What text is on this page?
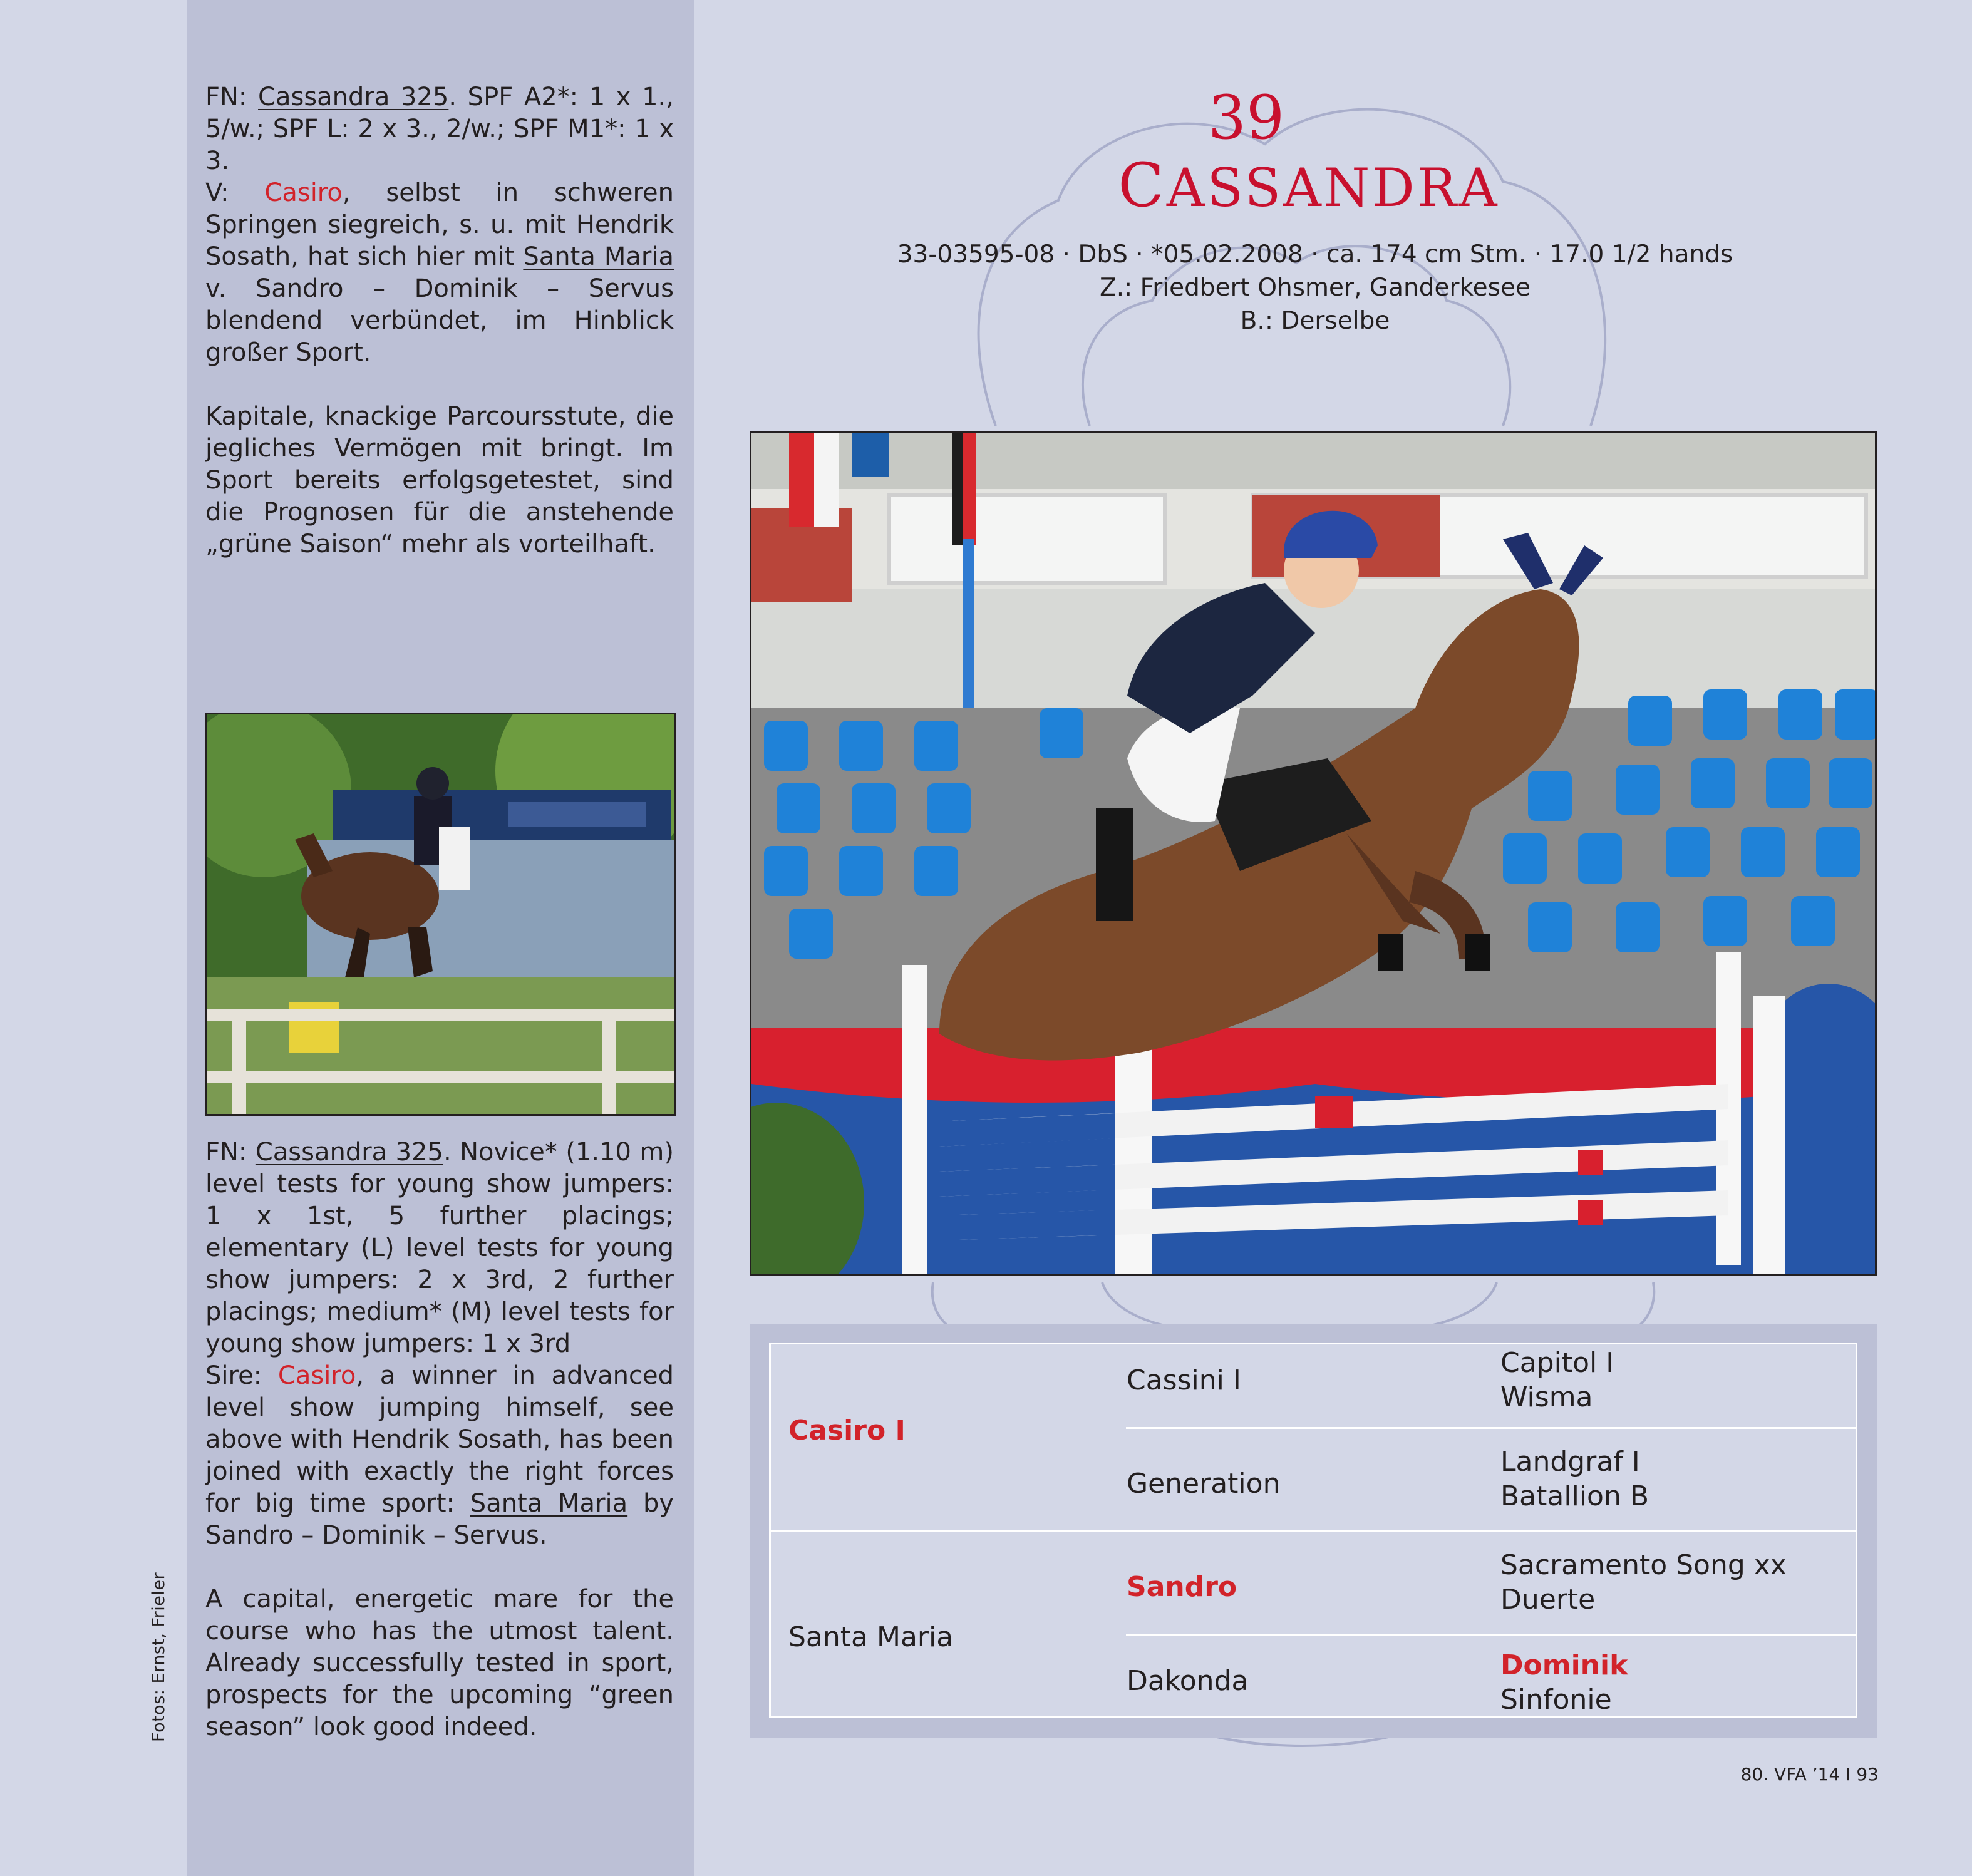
Fotos: Ernst, Frieler

FN: Cassandra 325. SPF A2*: 1 x 1., 5/w.; SPF L: 2 x 3., 2/w.; SPF M1*: 1 x 3.

V: Casiro, selbst in schweren Springen siegreich, s. u. mit Hendrik Sosath, hat sich hier mit Santa Maria v. Sandro – Dominik – Servus blendend verbündet, im Hinblick großer Sport.

Kapitale, knackige Parcoursstute, die jegliches Vermögen mit bringt. Im Sport bereits erfolgsgetestet, sind die Prognosen für die anstehende „grüne Saison“ mehr als vorteilhaft.

FN: Cassandra 325. Novice* (1.10 m) level tests for young show jumpers: 1 x 1st, 5 further placings; elementary (L) level tests for young show jumpers: 2 x 3rd, 2 further placings; medium* (M) level tests for young show jumpers: 1 x 3rd

Sire: Casiro, a winner in advanced level show jumping himself, see above with Hendrik Sosath, has been joined with exactly the right forces for big time sport: Santa Maria by Sandro – Dominik – Servus.

A capital, energetic mare for the course who has the utmost talent. Already successfully tested in sport, prospects for the upcoming “green season” look good indeed.

39
CASSANDRA
33-03595-08 · DbS · *05.02.2008 · ca. 174 cm Stm. · 17.0 1/2 hands
Z.: Friedbert Ohsmer, Ganderkesee
B.: Derselbe
Casiro I
Santa Maria
Cassini I
Generation
Sandro
Dakonda
Capitol I
Wisma
Landgraf I
Batallion B
Sacramento Song xx
Duerte
Dominik
Sinfonie
80. VFA ’14 I 93
